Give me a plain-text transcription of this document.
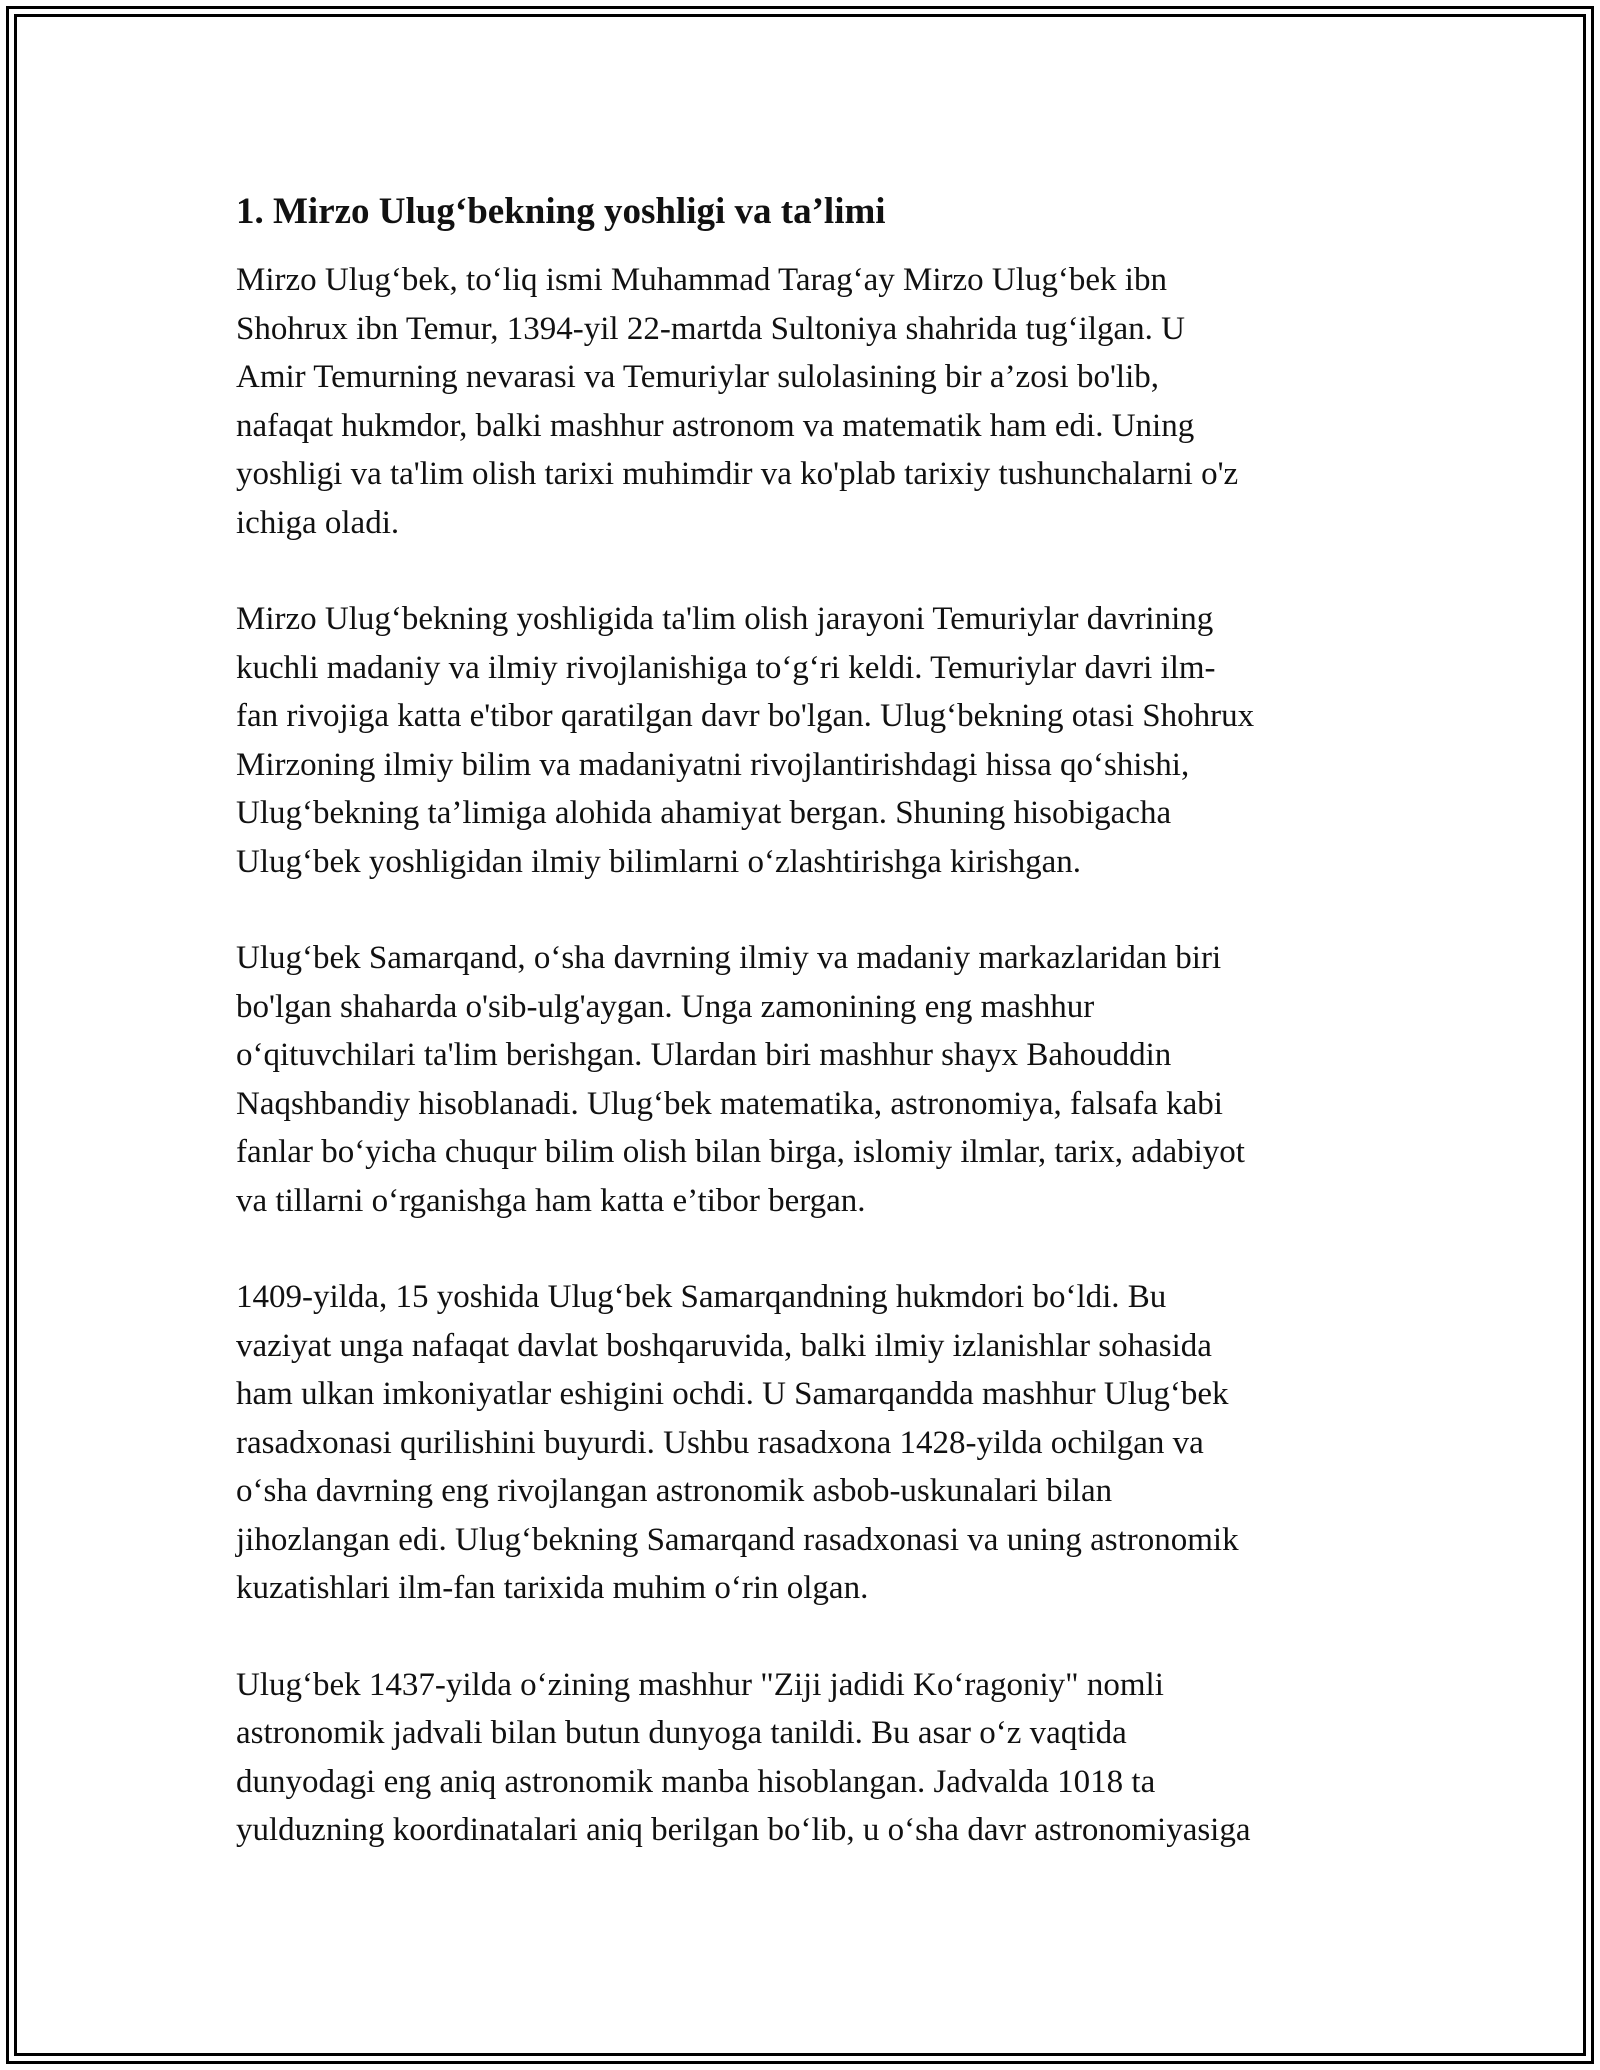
1. Mirzo Ulug‘bekning yoshligi va ta’limi

Mirzo Ulug‘bek, to‘liq ismi Muhammad Tarag‘ay Mirzo Ulug‘bek ibn
Shohrux ibn Temur, 1394-yil 22-martda Sultoniya shahrida tug‘ilgan. U
Amir Temurning nevarasi va Temuriylar sulolasining bir a’zosi bo'lib,
nafaqat hukmdor, balki mashhur astronom va matematik ham edi. Uning
yoshligi va ta'lim olish tarixi muhimdir va ko'plab tarixiy tushunchalarni o'z
ichiga oladi.

Mirzo Ulug‘bekning yoshligida ta'lim olish jarayoni Temuriylar davrining
kuchli madaniy va ilmiy rivojlanishiga to‘g‘ri keldi. Temuriylar davri ilm-
fan rivojiga katta e'tibor qaratilgan davr bo'lgan. Ulug‘bekning otasi Shohrux
Mirzoning ilmiy bilim va madaniyatni rivojlantirishdagi hissa qo‘shishi,
Ulug‘bekning ta’limiga alohida ahamiyat bergan. Shuning hisobigacha
Ulug‘bek yoshligidan ilmiy bilimlarni o‘zlashtirishga kirishgan.

Ulug‘bek Samarqand, o‘sha davrning ilmiy va madaniy markazlaridan biri
bo'lgan shaharda o'sib-ulg'aygan. Unga zamonining eng mashhur
o‘qituvchilari ta'lim berishgan. Ulardan biri mashhur shayx Bahouddin
Naqshbandiy hisoblanadi. Ulug‘bek matematika, astronomiya, falsafa kabi
fanlar bo‘yicha chuqur bilim olish bilan birga, islomiy ilmlar, tarix, adabiyot
va tillarni o‘rganishga ham katta e’tibor bergan.

1409-yilda, 15 yoshida Ulug‘bek Samarqandning hukmdori bo‘ldi. Bu
vaziyat unga nafaqat davlat boshqaruvida, balki ilmiy izlanishlar sohasida
ham ulkan imkoniyatlar eshigini ochdi. U Samarqandda mashhur Ulug‘bek
rasadxonasi qurilishini buyurdi. Ushbu rasadxona 1428-yilda ochilgan va
o‘sha davrning eng rivojlangan astronomik asbob-uskunalari bilan
jihozlangan edi. Ulug‘bekning Samarqand rasadxonasi va uning astronomik
kuzatishlari ilm-fan tarixida muhim o‘rin olgan.

Ulug‘bek 1437-yilda o‘zining mashhur "Ziji jadidi Ko‘ragoniy" nomli
astronomik jadvali bilan butun dunyoga tanildi. Bu asar o‘z vaqtida
dunyodagi eng aniq astronomik manba hisoblangan. Jadvalda 1018 ta
yulduzning koordinatalari aniq berilgan bo‘lib, u o‘sha davr astronomiyasiga
